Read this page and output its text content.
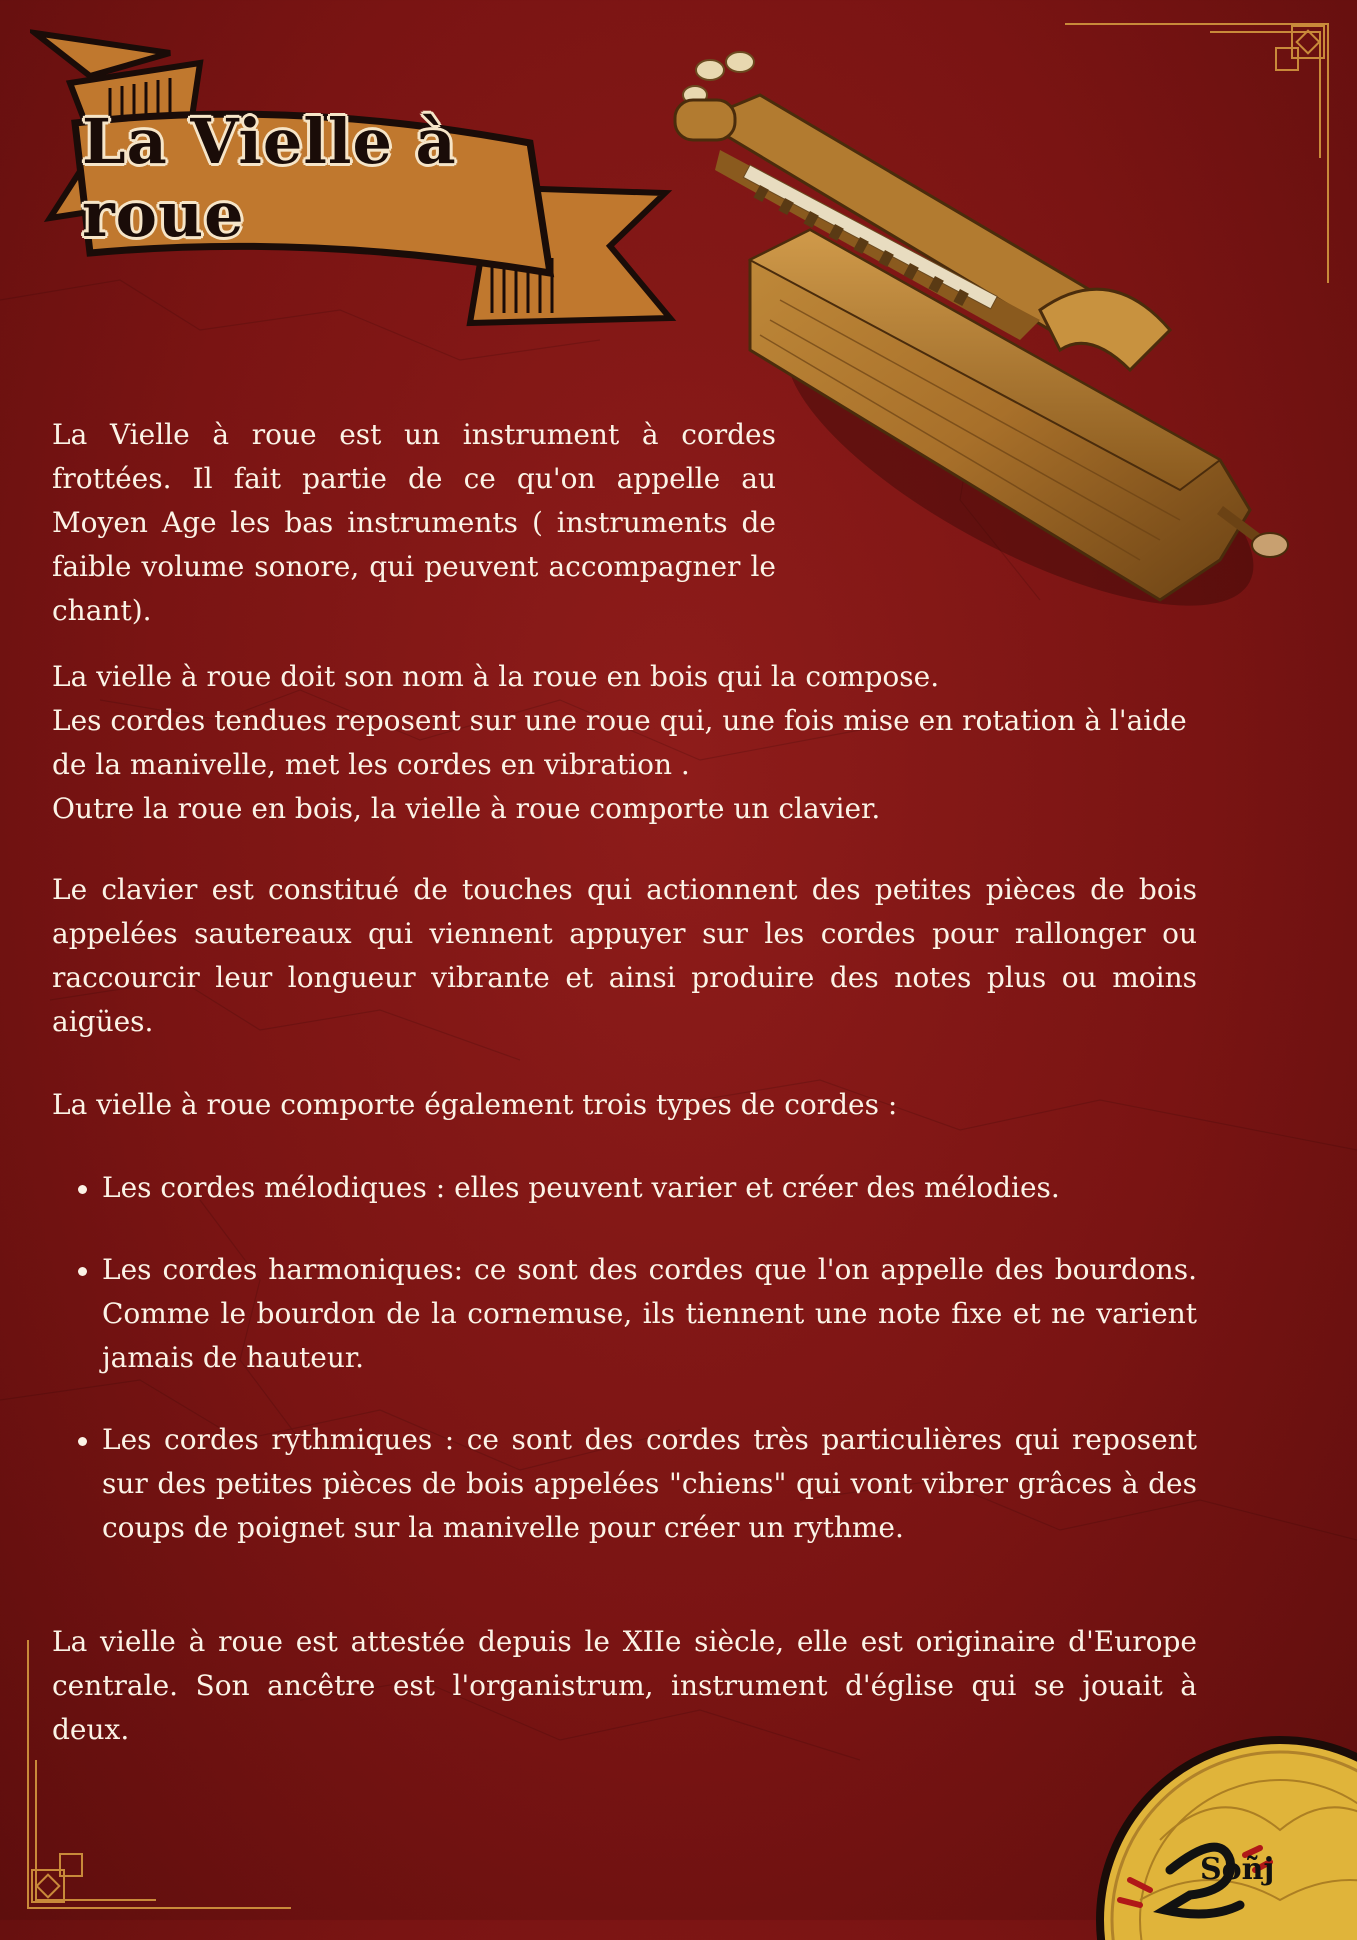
La Vielle à roue

La Vielle à roue est un instrument à cordes frottées. Il fait partie de ce qu'on appelle au Moyen Age les bas instruments ( instruments de faible volume sonore, qui peuvent accompagner le chant).

La vielle à roue doit son nom à la roue en bois qui la compose.
Les cordes tendues reposent sur une roue qui, une fois mise en rotation à l'aide de la manivelle, met les cordes en vibration .
Outre la roue en bois, la vielle à roue comporte un clavier.

Le clavier est constitué de touches qui actionnent des petites pièces de bois appelées sautereaux qui viennent appuyer sur les cordes pour rallonger ou raccourcir leur longueur vibrante et ainsi produire des notes plus ou moins aigües.

La vielle à roue comporte également trois types de cordes :

Les cordes mélodiques : elles peuvent varier et créer des mélodies.
Les cordes harmoniques: ce sont des cordes que l'on appelle des bourdons. Comme le bourdon de la cornemuse, ils tiennent une note fixe et ne varient jamais de hauteur.
Les cordes rythmiques : ce sont des cordes très particulières qui reposent sur des petites pièces de bois appelées "chiens" qui vont vibrer grâces à des coups de poignet sur la manivelle pour créer un rythme.

La vielle à roue est attestée depuis le XIIe siècle, elle est originaire d'Europe centrale. Son ancêtre est l'organistrum, instrument d'église qui se jouait à deux.

Soñj
